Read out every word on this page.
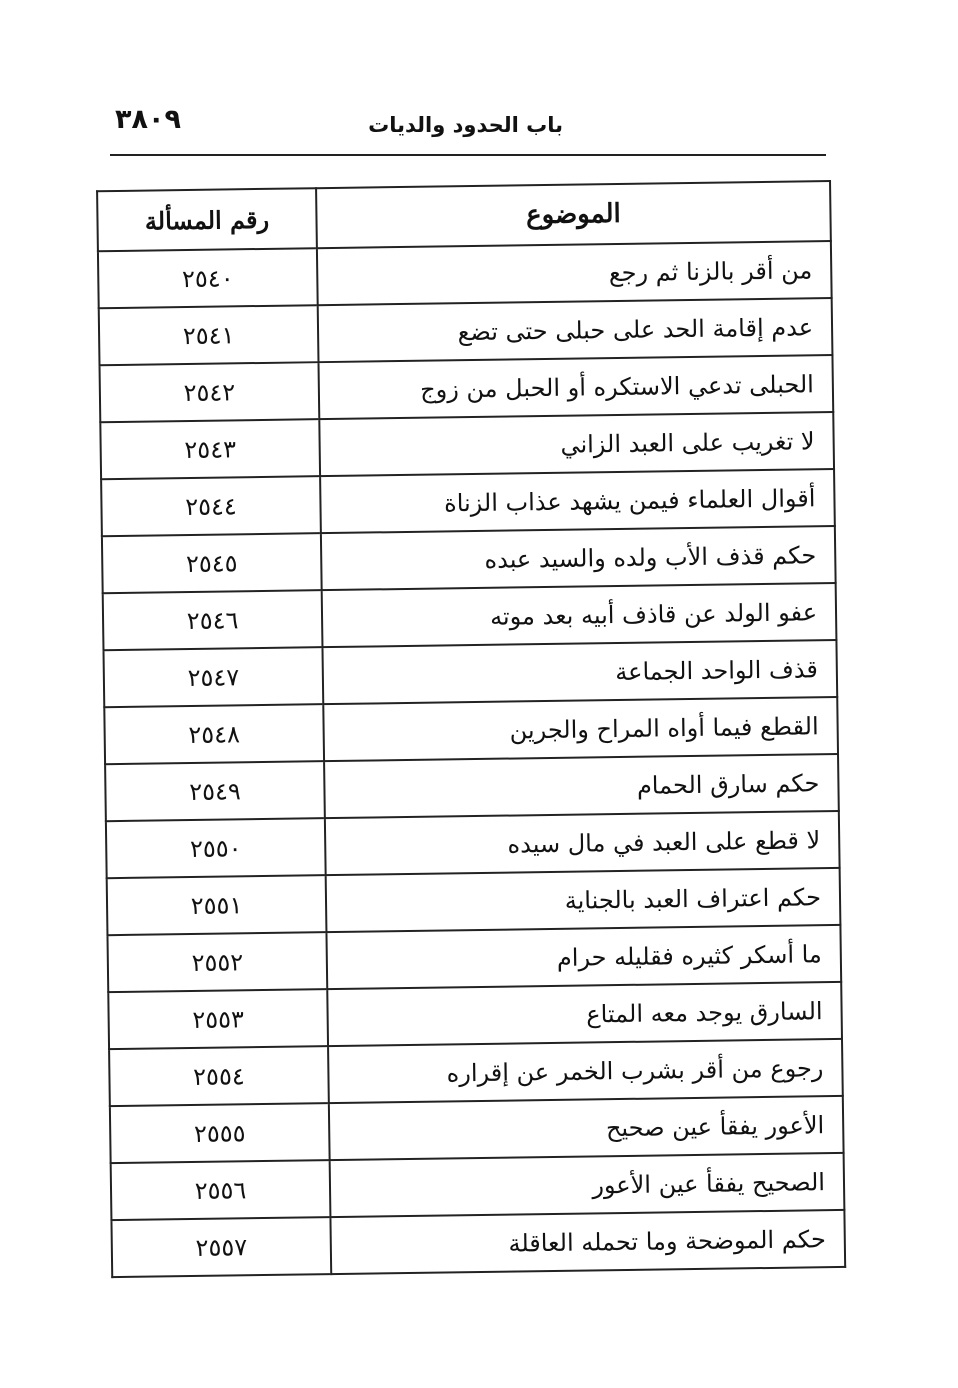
٣٨٠٩	باب الحدود والديات
الموضوع	رقم المسألة
من أقر بالزنا ثم رجع	٢٥٤٠
عدم إقامة الحد على حبلى حتى تضع	٢٥٤١
الحبلى تدعي الاستكره أو الحبل من زوج	٢٥٤٢
لا تغريب على العبد الزاني	٢٥٤٣
أقوال العلماء فيمن يشهد عذاب الزناة	٢٥٤٤
حكم قذف الأب ولده والسيد عبده	٢٥٤٥
عفو الولد عن قاذف أبيه بعد موته	٢٥٤٦
قذف الواحد الجماعة	٢٥٤٧
القطع فيما أواه المراح والجرين	٢٥٤٨
حكم سارق الحمام	٢٥٤٩
لا قطع على العبد في مال سيده	٢٥٥٠
حكم اعتراف العبد بالجناية	٢٥٥١
ما أسكر كثيره فقليله حرام	٢٥٥٢
السارق يوجد معه المتاع	٢٥٥٣
رجوع من أقر بشرب الخمر عن إقراره	٢٥٥٤
الأعور يفقأ عين صحيح	٢٥٥٥
الصحيح يفقأ عين الأعور	٢٥٥٦
حكم الموضحة وما تحمله العاقلة	٢٥٥٧
